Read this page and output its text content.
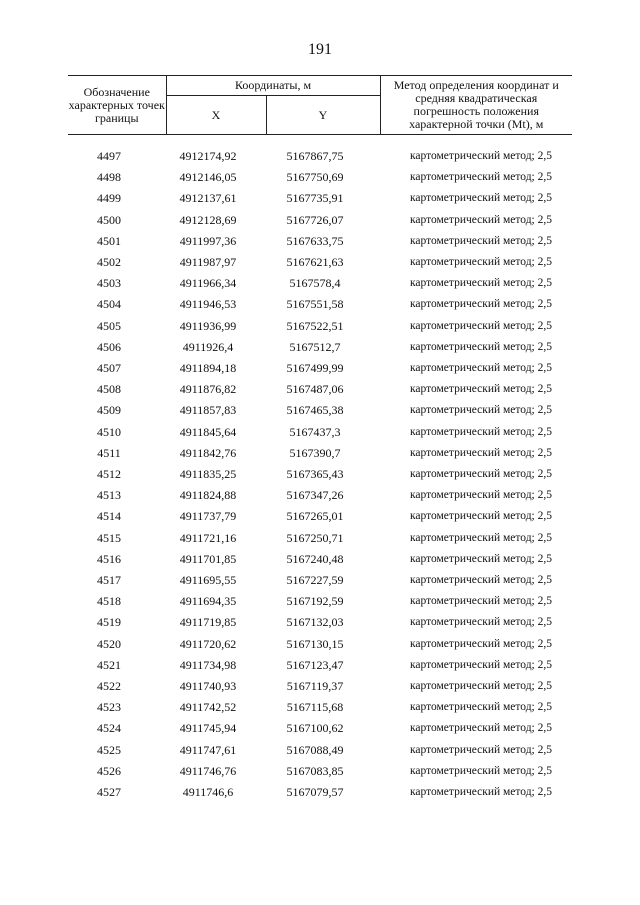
191
Обозначение характерных точек границы	Координаты, м		Метод определения координат и средняя квадратическая погрешность положения характерной точки (Mt), м
	X	Y	

4497	4912174,92	5167867,75	картометрический метод; 2,5
4498	4912146,05	5167750,69	картометрический метод; 2,5
4499	4912137,61	5167735,91	картометрический метод; 2,5
4500	4912128,69	5167726,07	картометрический метод; 2,5
4501	4911997,36	5167633,75	картометрический метод; 2,5
4502	4911987,97	5167621,63	картометрический метод; 2,5
4503	4911966,34	5167578,4	картометрический метод; 2,5
4504	4911946,53	5167551,58	картометрический метод; 2,5
4505	4911936,99	5167522,51	картометрический метод; 2,5
4506	4911926,4	5167512,7	картометрический метод; 2,5
4507	4911894,18	5167499,99	картометрический метод; 2,5
4508	4911876,82	5167487,06	картометрический метод; 2,5
4509	4911857,83	5167465,38	картометрический метод; 2,5
4510	4911845,64	5167437,3	картометрический метод; 2,5
4511	4911842,76	5167390,7	картометрический метод; 2,5
4512	4911835,25	5167365,43	картометрический метод; 2,5
4513	4911824,88	5167347,26	картометрический метод; 2,5
4514	4911737,79	5167265,01	картометрический метод; 2,5
4515	4911721,16	5167250,71	картометрический метод; 2,5
4516	4911701,85	5167240,48	картометрический метод; 2,5
4517	4911695,55	5167227,59	картометрический метод; 2,5
4518	4911694,35	5167192,59	картометрический метод; 2,5
4519	4911719,85	5167132,03	картометрический метод; 2,5
4520	4911720,62	5167130,15	картометрический метод; 2,5
4521	4911734,98	5167123,47	картометрический метод; 2,5
4522	4911740,93	5167119,37	картометрический метод; 2,5
4523	4911742,52	5167115,68	картометрический метод; 2,5
4524	4911745,94	5167100,62	картометрический метод; 2,5
4525	4911747,61	5167088,49	картометрический метод; 2,5
4526	4911746,76	5167083,85	картометрический метод; 2,5
4527	4911746,6	5167079,57	картометрический метод; 2,5
